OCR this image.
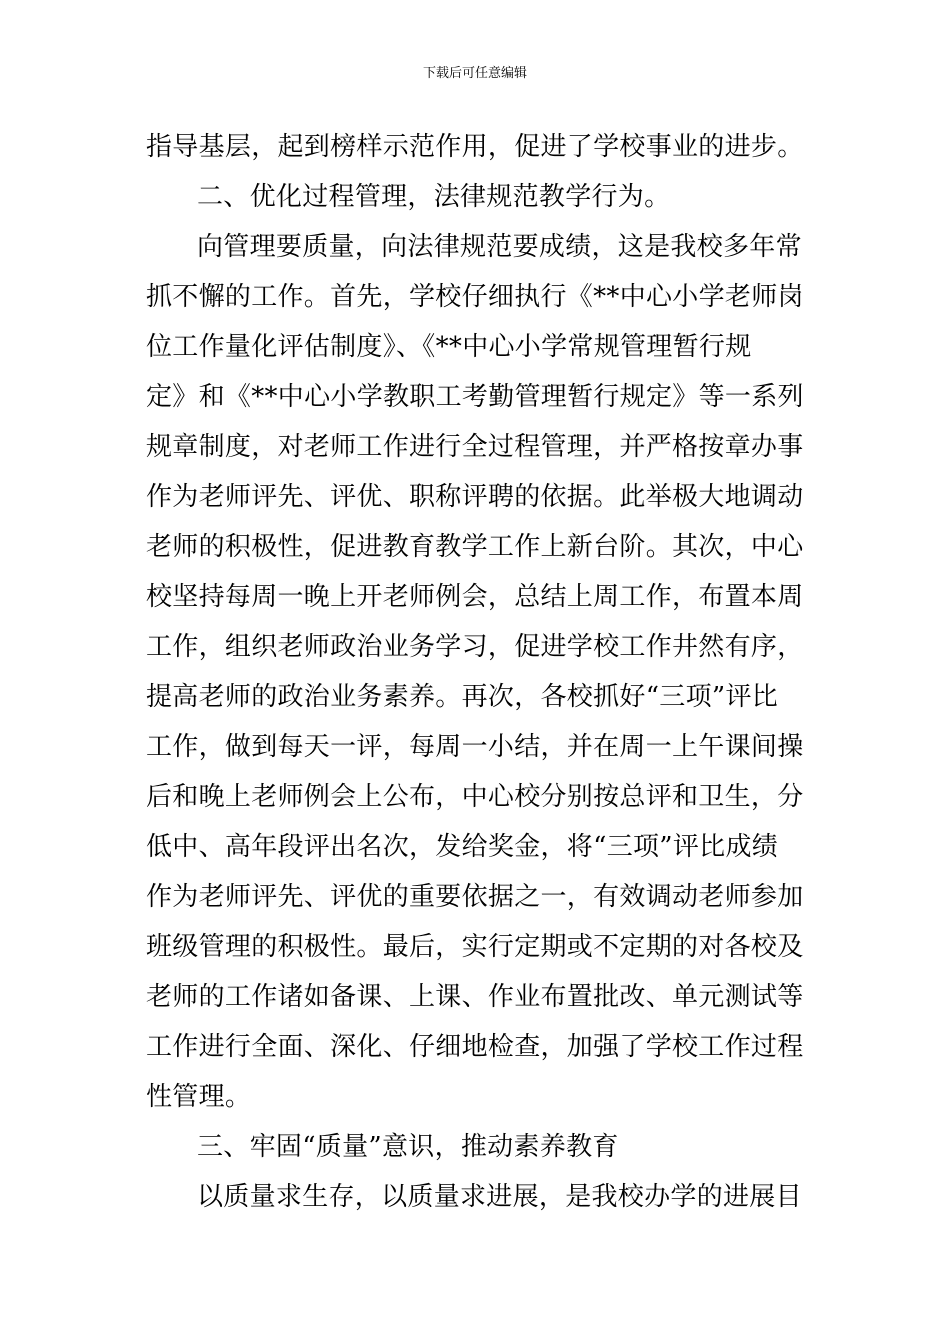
下载后可任意编辑
指导基层，起到榜样示范作用，促进了学校事业的进步。
二、优化过程管理，法律规范教学行为。
向管理要质量，向法律规范要成绩，这是我校多年常
抓不懈的工作。首先，学校仔细执行《**中心小学老师岗
位工作量化评估制度》、《**中心小学常规管理暂行规
定》和《**中心小学教职工考勤管理暂行规定》等一系列
规章制度，对老师工作进行全过程管理，并严格按章办事
作为老师评先、评优、职称评聘的依据。此举极大地调动
老师的积极性，促进教育教学工作上新台阶。其次，中心
校坚持每周一晚上开老师例会，总结上周工作，布置本周
工作，组织老师政治业务学习，促进学校工作井然有序，
提高老师的政治业务素养。再次，各校抓好“三项”评比
工作，做到每天一评，每周一小结，并在周一上午课间操
后和晚上老师例会上公布，中心校分别按总评和卫生，分
低中、高年段评出名次，发给奖金，将“三项”评比成绩
作为老师评先、评优的重要依据之一，有效调动老师参加
班级管理的积极性。最后，实行定期或不定期的对各校及
老师的工作诸如备课、上课、作业布置批改、单元测试等
工作进行全面、深化、仔细地检查，加强了学校工作过程
性管理。
三、牢固“质量”意识，推动素养教育
以质量求生存，以质量求进展，是我校办学的进展目
